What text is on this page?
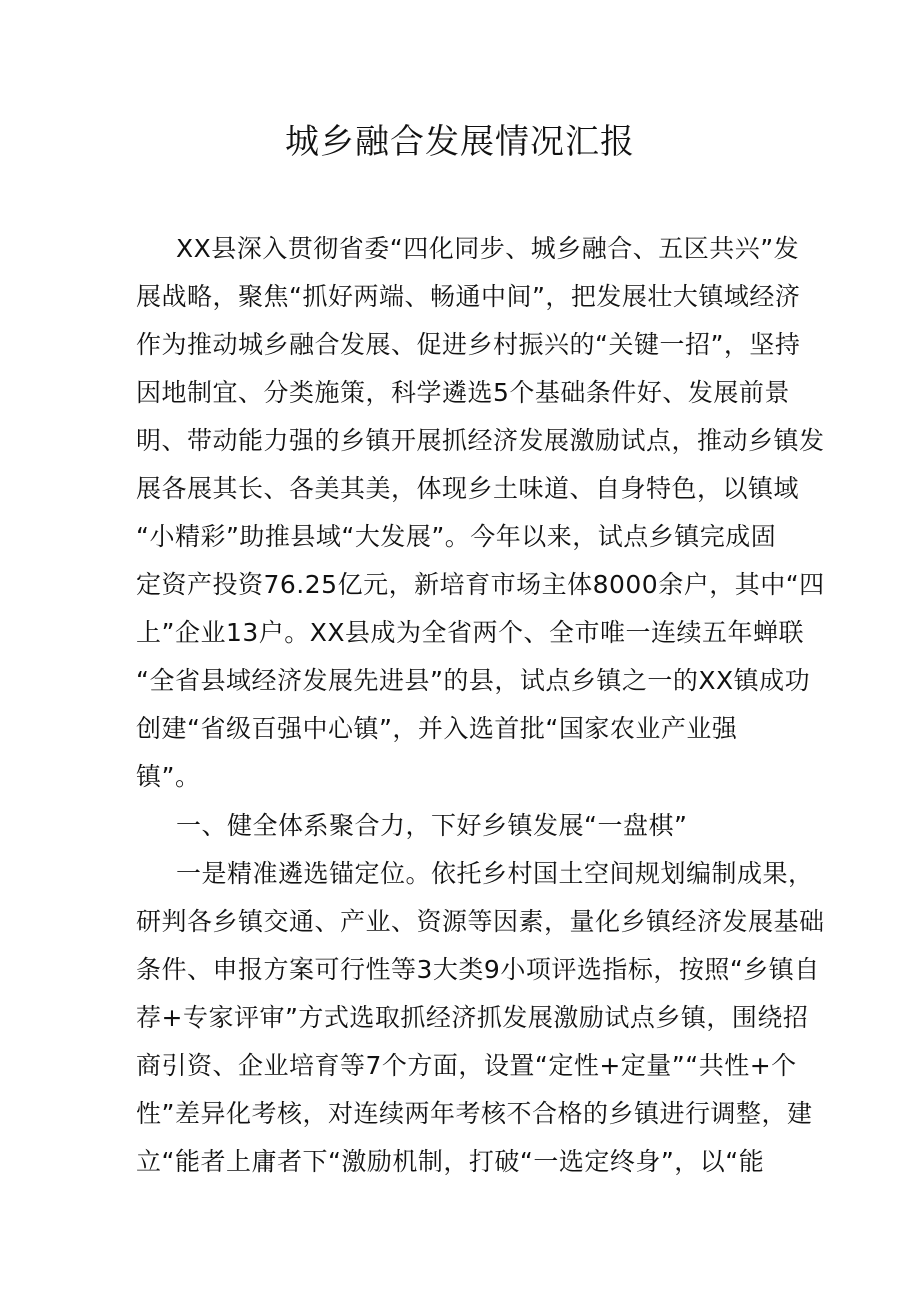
城乡融合发展情况汇报
XX县深入贯彻省委“四化同步、城乡融合、五区共兴”发
展战略，聚焦“抓好两端、畅通中间”，把发展壮大镇域经济
作为推动城乡融合发展、促进乡村振兴的“关键一招”，坚持
因地制宜、分类施策，科学遴选5个基础条件好、发展前景
明、带动能力强的乡镇开展抓经济发展激励试点，推动乡镇发
展各展其长、各美其美，体现乡土味道、自身特色，以镇域
“小精彩”助推县域“大发展”。今年以来，试点乡镇完成固
定资产投资76.25亿元，新培育市场主体8000余户，其中“四
上”企业13户。XX县成为全省两个、全市唯一连续五年蝉联
“全省县域经济发展先进县”的县，试点乡镇之一的XX镇成功
创建“省级百强中心镇”，并入选首批“国家农业产业强
镇”。
一、健全体系聚合力，下好乡镇发展“一盘棋”
一是精准遴选锚定位。依托乡村国土空间规划编制成果，
研判各乡镇交通、产业、资源等因素，量化乡镇经济发展基础
条件、申报方案可行性等3大类9小项评选指标，按照“乡镇自
荐+专家评审”方式选取抓经济抓发展激励试点乡镇，围绕招
商引资、企业培育等7个方面，设置“定性+定量”“共性+个
性”差异化考核，对连续两年考核不合格的乡镇进行调整，建
立“能者上庸者下“激励机制，打破“一选定终身”，以“能
